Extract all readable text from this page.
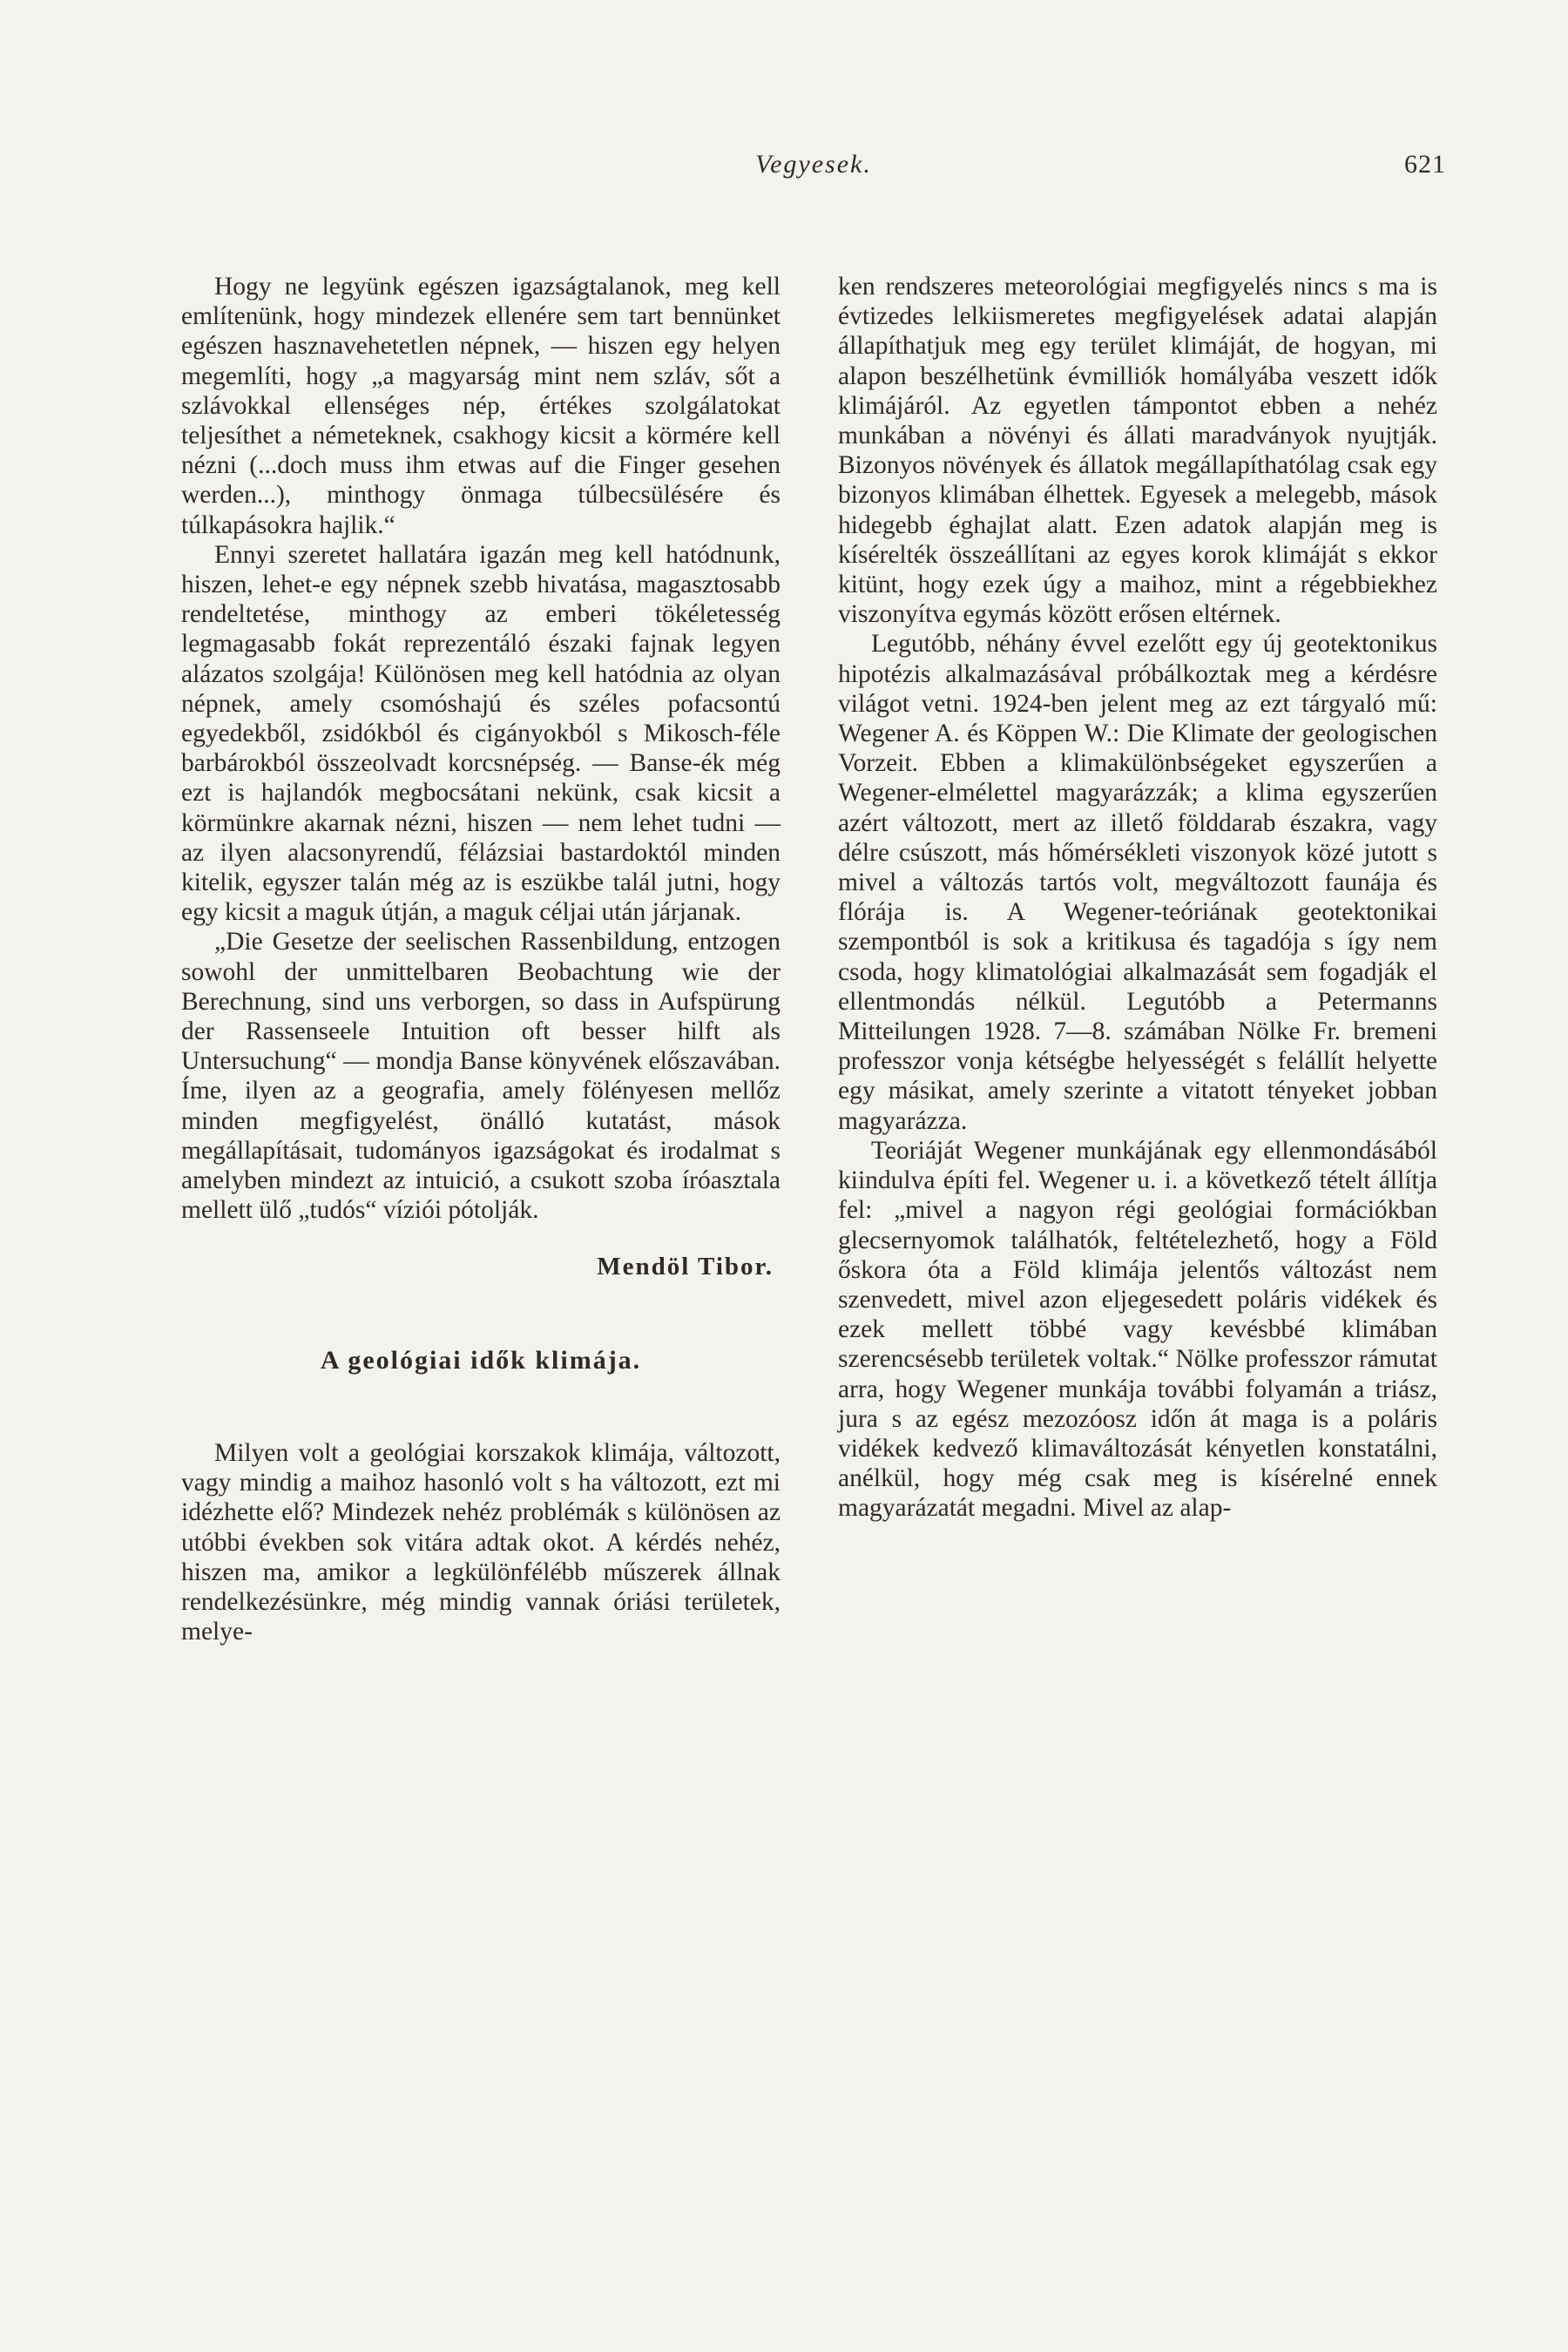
Vegyesek.	621

Hogy ne legyünk egészen igazságtalanok, meg kell említenünk, hogy mindezek ellenére sem tart bennünket egészen hasznavehetetlen népnek, — hiszen egy helyen megemlíti, hogy „a magyarság mint nem szláv, sőt a szlávokkal ellenséges nép, értékes szolgálatokat teljesíthet a németeknek, csakhogy kicsit a körmére kell nézni (...doch muss ihm etwas auf die Finger gesehen werden...), minthogy önmaga túlbecsülésére és túlkapásokra hajlik.“

Ennyi szeretet hallatára igazán meg kell hatódnunk, hiszen, lehet-e egy népnek szebb hivatása, magasztosabb rendeltetése, minthogy az emberi tökéletesség legmagasabb fokát reprezentáló északi fajnak legyen alázatos szolgája! Különösen meg kell hatódnia az olyan népnek, amely csomóshajú és széles pofacsontú egyedekből, zsidókból és cigányokból s Mikosch-féle barbárokból összeolvadt korcsnépség. — Banse-ék még ezt is hajlandók megbocsátani nekünk, csak kicsit a körmünkre akarnak nézni, hiszen — nem lehet tudni — az ilyen alacsonyrendű, félázsiai bastardoktól minden kitelik, egyszer talán még az is eszükbe talál jutni, hogy egy kicsit a maguk útján, a maguk céljai után járjanak.

„Die Gesetze der seelischen Rassenbildung, entzogen sowohl der unmittelbaren Beobachtung wie der Berechnung, sind uns verborgen, so dass in Aufspürung der Rassenseele Intuition oft besser hilft als Untersuchung“ — mondja Banse könyvének előszavában. Íme, ilyen az a geografia, amely fölényesen mellőz minden megfigyelést, önálló kutatást, mások megállapításait, tudományos igazságokat és irodalmat s amelyben mindezt az intuició, a csukott szoba íróasztala mellett ülő „tudós“ víziói pótolják.

Mendöl Tibor.
A geológiai idők klimája.

Milyen volt a geológiai korszakok klimája, változott, vagy mindig a maihoz hasonló volt s ha változott, ezt mi idézhette elő? Mindezek nehéz problémák s különösen az utóbbi években sok vitára adtak okot. A kérdés nehéz, hiszen ma, amikor a legkülönfélébb műszerek állnak rendelkezésünkre, még mindig vannak óriási területek, melye-

ken rendszeres meteorológiai megfigyelés nincs s ma is évtizedes lelkiismeretes megfigyelések adatai alapján állapíthatjuk meg egy terület klimáját, de hogyan, mi alapon beszélhetünk évmilliók homályába veszett idők klimájáról. Az egyetlen támpontot ebben a nehéz munkában a növényi és állati maradványok nyujtják. Bizonyos növények és állatok megállapíthatólag csak egy bizonyos klimában élhettek. Egyesek a melegebb, mások hidegebb éghajlat alatt. Ezen adatok alapján meg is kísérelték összeállítani az egyes korok klimáját s ekkor kitünt, hogy ezek úgy a maihoz, mint a régebbiekhez viszonyítva egymás között erősen eltérnek.

Legutóbb, néhány évvel ezelőtt egy új geotektonikus hipotézis alkalmazásával próbálkoztak meg a kérdésre világot vetni. 1924-ben jelent meg az ezt tárgyaló mű: Wegener A. és Köppen W.: Die Klimate der geologischen Vorzeit. Ebben a klimakülönbségeket egyszerűen a Wegener-elmélettel magyarázzák; a klima egyszerűen azért változott, mert az illető földdarab északra, vagy délre csúszott, más hőmérsékleti viszonyok közé jutott s mivel a változás tartós volt, megváltozott faunája és flórája is. A Wegener-teóriának geotektonikai szempontból is sok a kritikusa és tagadója s így nem csoda, hogy klimatológiai alkalmazását sem fogadják el ellentmondás nélkül. Legutóbb a Petermanns Mitteilungen 1928. 7—8. számában Nölke Fr. bremeni professzor vonja kétségbe helyességét s felállít helyette egy másikat, amely szerinte a vitatott tényeket jobban magyarázza.

Teoriáját Wegener munkájának egy ellenmondásából kiindulva építi fel. Wegener u. i. a következő tételt állítja fel: „mivel a nagyon régi geológiai formációkban glecsernyomok találhatók, feltételezhető, hogy a Föld őskora óta a Föld klimája jelentős változást nem szenvedett, mivel azon eljegesedett poláris vidékek és ezek mellett többé vagy kevésbbé klimában szerencsésebb területek voltak.“ Nölke professzor rámutat arra, hogy Wegener munkája további folyamán a triász, jura s az egész mezozóosz időn át maga is a poláris vidékek kedvező klimaváltozását kényetlen konstatálni, anélkül, hogy még csak meg is kísérelné ennek magyarázatát megadni. Mivel az alap-
